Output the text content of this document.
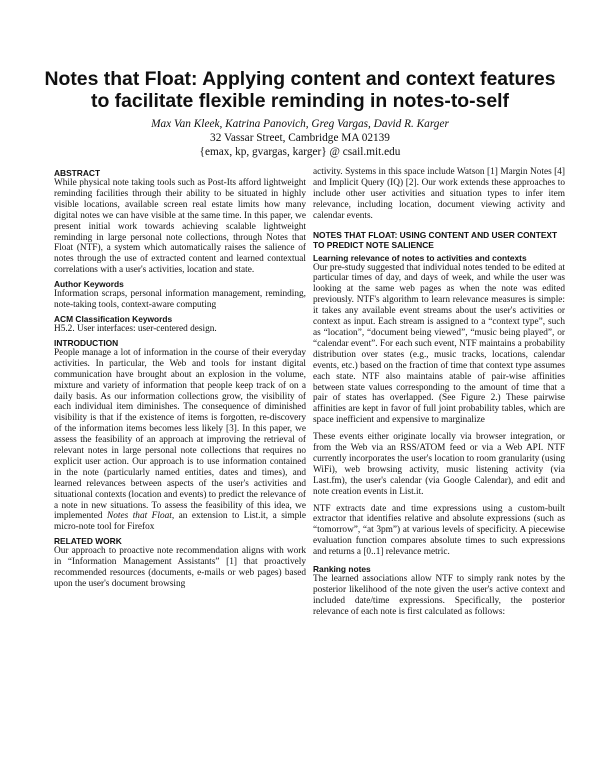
Notes that Float: Applying content and context features to facilitate flexible reminding in notes-to-self
Max Van Kleek, Katrina Panovich, Greg Vargas, David R. Karger
32 Vassar Street, Cambridge MA 02139
{emax, kp, gvargas, karger} @ csail.mit.edu
ABSTRACT

While physical note taking tools such as Post-Its afford lightweight reminding facilities through their ability to be situated in highly visible locations, available screen real estate limits how many digital notes we can have visible at the same time. In this paper, we present initial work towards achieving scalable lightweight reminding in large personal note collections, through Notes that Float (NTF), a system which automatically raises the salience of notes through the use of extracted content and learned contextual correlations with a user's activities, location and state.

Author Keywords

Information scraps, personal information management, reminding, note-taking tools, context-aware computing

ACM Classification Keywords

H5.2. User interfaces: user-centered design.

INTRODUCTION

People manage a lot of information in the course of their everyday activities. In particular, the Web and tools for instant digital communication have brought about an explosion in the volume, mixture and variety of information that people keep track of on a daily basis. As our information collections grow, the visibility of each individual item diminishes. The consequence of diminished visibility is that if the existence of items is forgotten, re-discovery of the information items becomes less likely [3]. In this paper, we assess the feasibility of an approach at improving the retrieval of relevant notes in large personal note collections that requires no explicit user action. Our approach is to use information contained in the note (particularly named entities, dates and times), and learned relevances between aspects of the user's activities and situational contexts (location and events) to predict the relevance of a note in new situations. To assess the feasibility of this idea, we implemented Notes that Float, an extension to List.it, a simple micro-note tool for Firefox

RELATED WORK

Our approach to proactive note recommendation aligns with work in “Information Management Assistants” [1] that proactively recommended resources (documents, e-mails or web pages) based upon the user's document browsing

activity. Systems in this space include Watson [1] Margin Notes [4] and Implicit Query (IQ) [2]. Our work extends these approaches to include other user activities and situation types to infer item relevance, including location, document viewing activity and calendar events.

NOTES THAT FLOAT: USING CONTENT AND USER CONTEXT TO PREDICT NOTE SALIENCE
Learning relevance of notes to activities and contexts

Our pre-study suggested that individual notes tended to be edited at particular times of day, and days of week, and while the user was looking at the same web pages as when the note was edited previously. NTF's algorithm to learn relevance measures is simple: it takes any available event streams about the user's activities or context as input. Each stream is assigned to a “context type”, such as “location”, “document being viewed”, “music being played”, or “calendar event”. For each such event, NTF maintains a probability distribution over states (e.g., music tracks, locations, calendar events, etc.) based on the fraction of time that context type assumes each state. NTF also maintains atable of pair-wise affinities between state values corresponding to the amount of time that a pair of states has overlapped. (See Figure 2.) These pairwise affinities are kept in favor of full joint probability tables, which are space inefficient and expensive to marginalize

These events either originate locally via browser integration, or from the Web via an RSS/ATOM feed or via a Web API. NTF currently incorporates the user's location to room granularity (using WiFi), web browsing activity, music listening activity (via Last.fm), the user's calendar (via Google Calendar), and edit and note creation events in List.it.

NTF extracts date and time expressions using a custom-built extractor that identifies relative and absolute expressions (such as “tomorrow”, “at 3pm”) at various levels of specificity. A piecewise evaluation function compares absolute times to such expressions and returns a [0..1] relevance metric.

Ranking notes

The learned associations allow NTF to simply rank notes by the posterior likelihood of the note given the user's active context and included date/time expressions. Specifically, the posterior relevance of each note is first calculated as follows:
